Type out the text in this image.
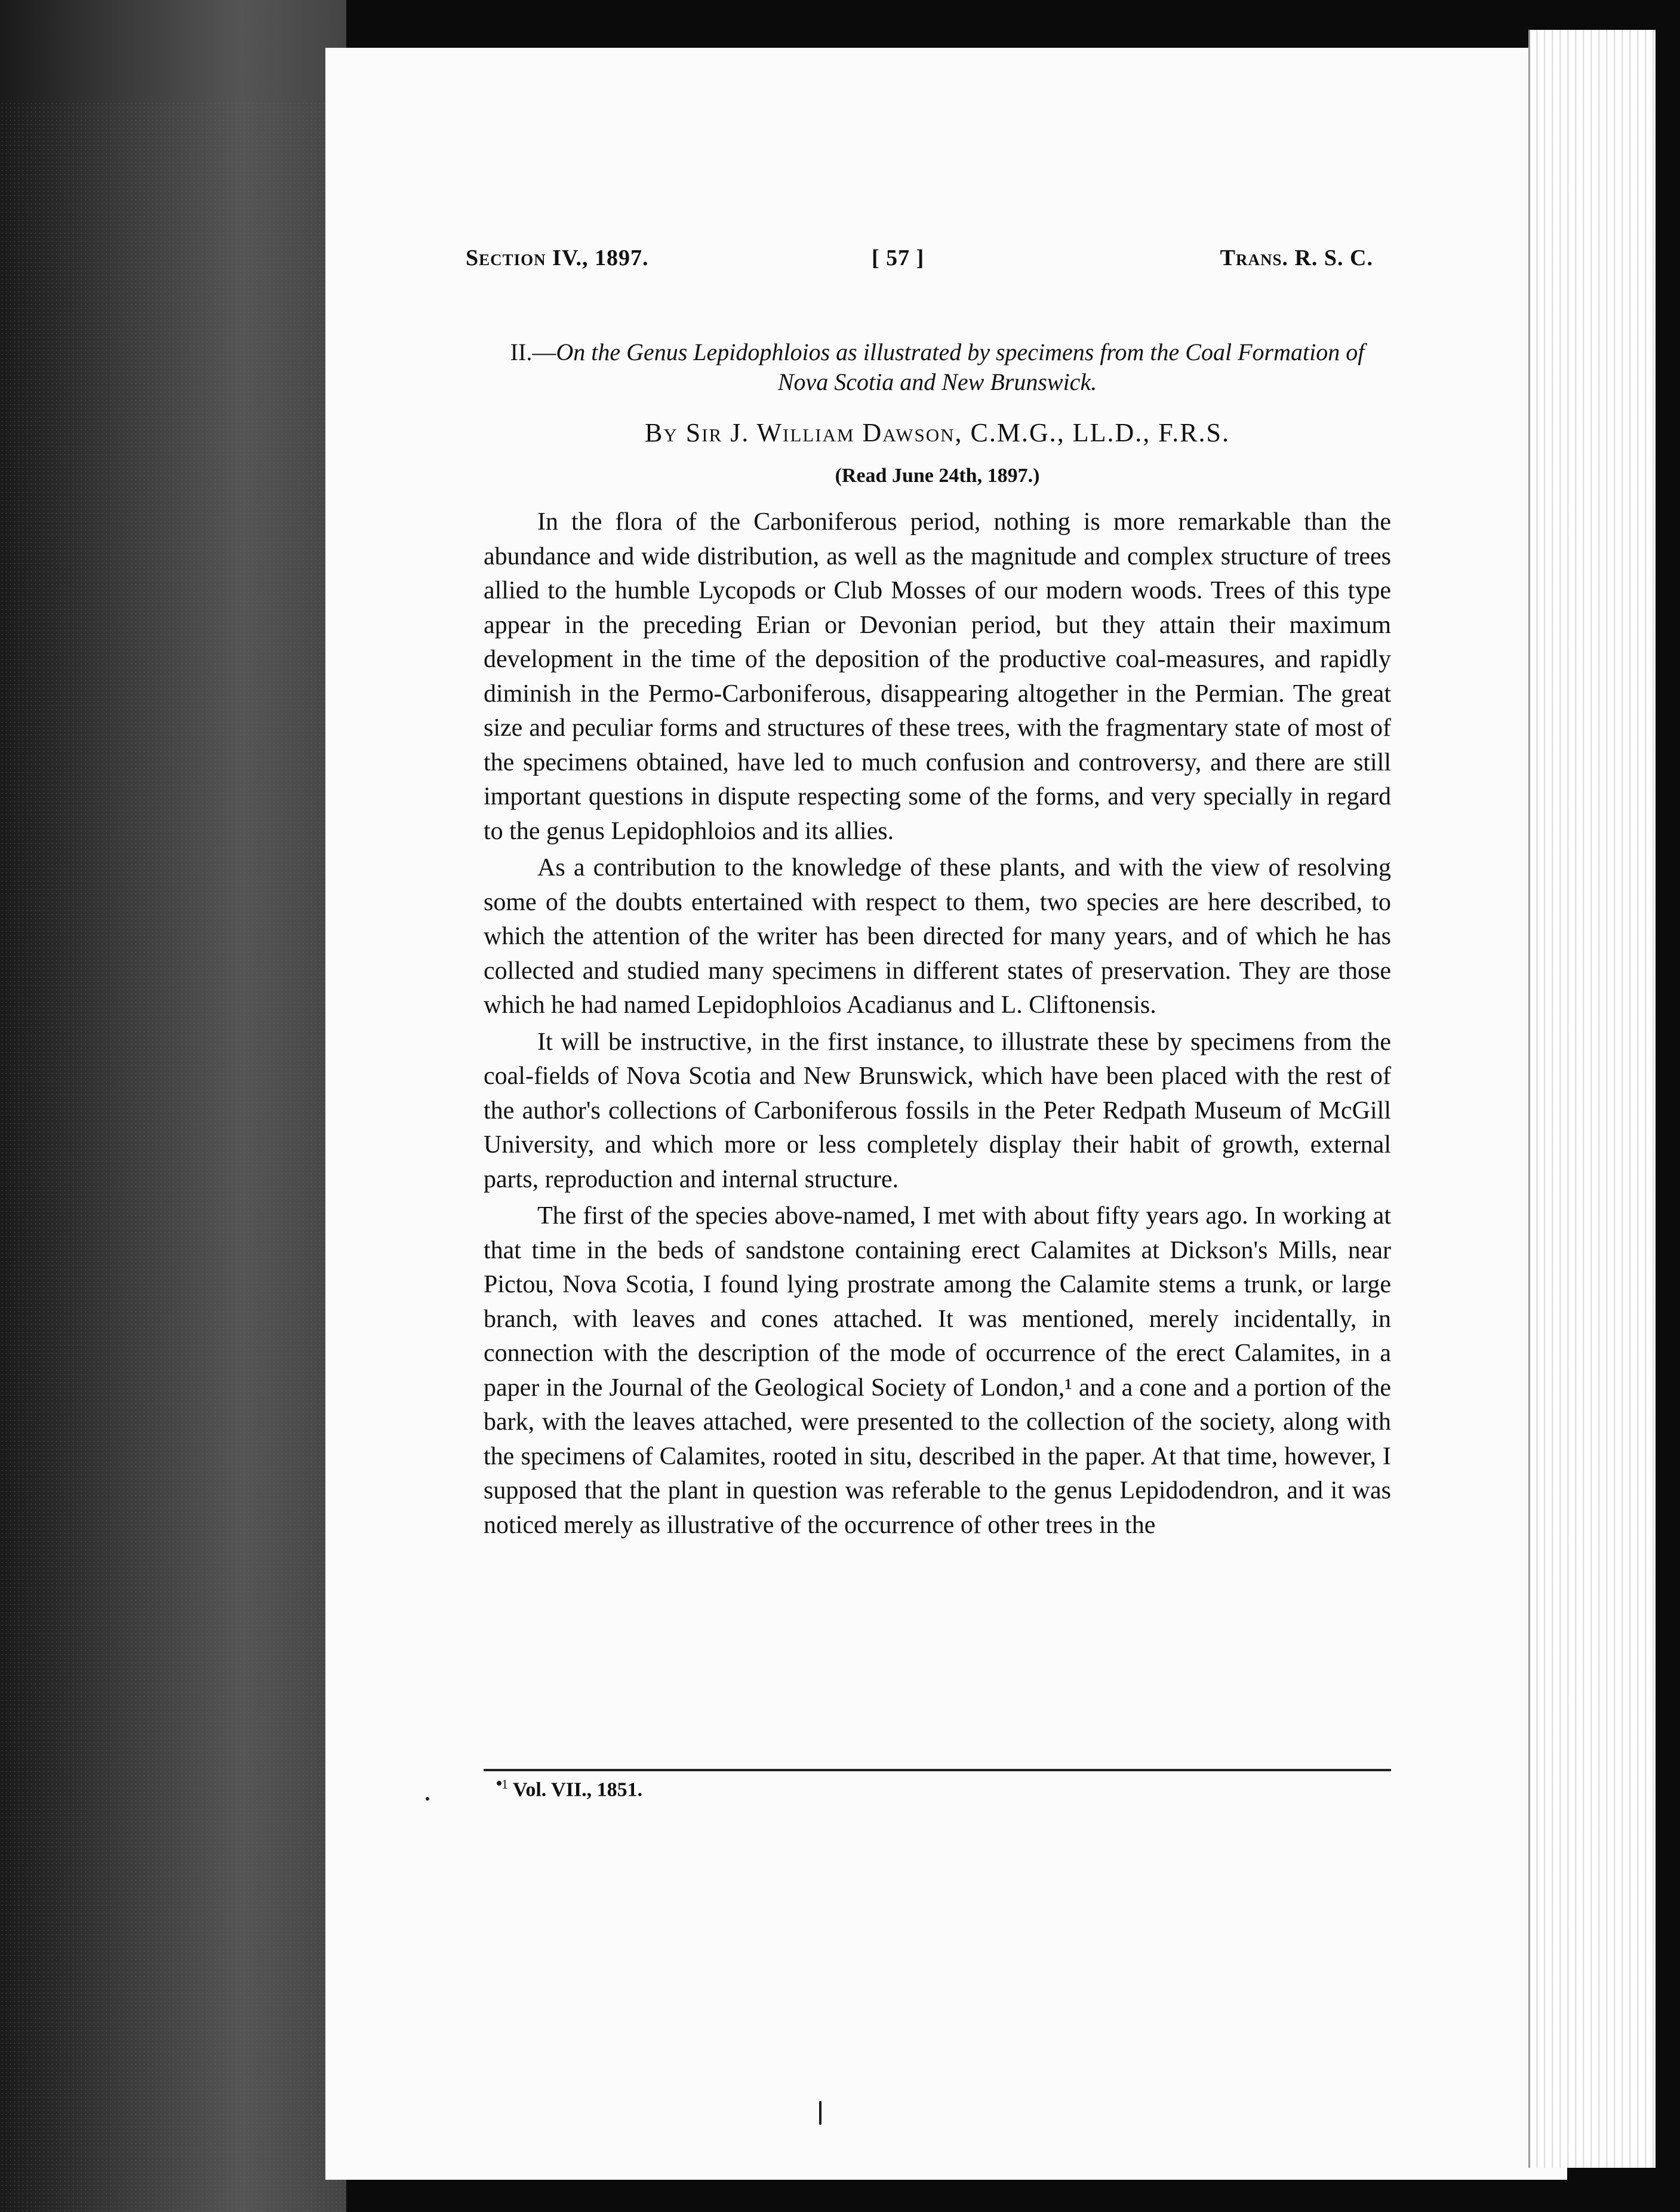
Section IV., 1897.	[ 57 ]	Trans. R. S. C.

II.—On the Genus Lepidophloios as illustrated by specimens from the Coal Formation of Nova Scotia and New Brunswick.

By Sir J. William Dawson, C.M.G., LL.D., F.R.S.

(Read June 24th, 1897.)

In the flora of the Carboniferous period, nothing is more remarkable than the abundance and wide distribution, as well as the magnitude and complex structure of trees allied to the humble Lycopods or Club Mosses of our modern woods. Trees of this type appear in the preceding Erian or Devonian period, but they attain their maximum development in the time of the deposition of the productive coal-measures, and rapidly diminish in the Permo-Carboniferous, disappearing altogether in the Permian. The great size and peculiar forms and structures of these trees, with the fragmentary state of most of the specimens obtained, have led to much confusion and controversy, and there are still important questions in dispute respecting some of the forms, and very specially in regard to the genus Lepidophloios and its allies.

As a contribution to the knowledge of these plants, and with the view of resolving some of the doubts entertained with respect to them, two species are here described, to which the attention of the writer has been directed for many years, and of which he has collected and studied many specimens in different states of preservation. They are those which he had named Lepidophloios Acadianus and L. Cliftonensis.

It will be instructive, in the first instance, to illustrate these by specimens from the coal-fields of Nova Scotia and New Brunswick, which have been placed with the rest of the author's collections of Carboniferous fossils in the Peter Redpath Museum of McGill University, and which more or less completely display their habit of growth, external parts, reproduction and internal structure.

The first of the species above-named, I met with about fifty years ago. In working at that time in the beds of sandstone containing erect Calamites at Dickson's Mills, near Pictou, Nova Scotia, I found lying prostrate among the Calamite stems a trunk, or large branch, with leaves and cones attached. It was mentioned, merely incidentally, in connection with the description of the mode of occurrence of the erect Calamites, in a paper in the Journal of the Geological Society of London,¹ and a cone and a portion of the bark, with the leaves attached, were presented to the collection of the society, along with the specimens of Calamites, rooted in situ, described in the paper. At that time, however, I supposed that the plant in question was referable to the genus Lepidodendron, and it was noticed merely as illustrative of the occurrence of other trees in the

$^1$ Vol. VII., 1851.
